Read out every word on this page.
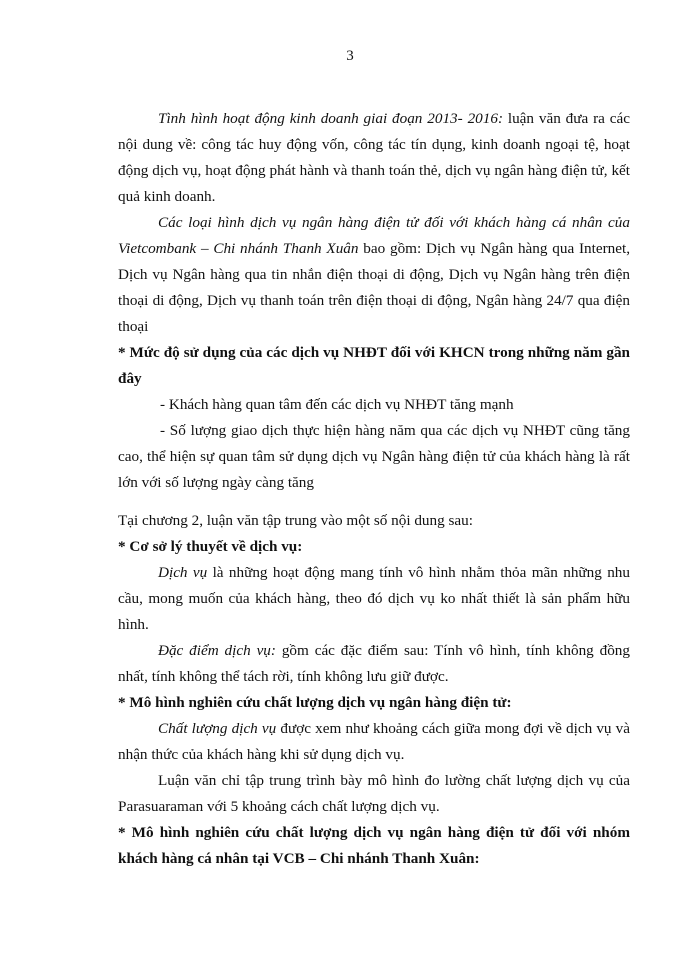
3
Tình hình hoạt động kinh doanh giai đoạn 2013- 2016: luận văn đưa ra các nội dung về: công tác huy động vốn, công tác tín dụng, kinh doanh ngoại tệ, hoạt động dịch vụ, hoạt động phát hành và thanh toán thẻ, dịch vụ ngân hàng điện tử, kết quả kinh doanh.
Các loại hình dịch vụ ngân hàng điện tử đối với khách hàng cá nhân của Vietcombank – Chi nhánh Thanh Xuân bao gồm: Dịch vụ Ngân hàng qua Internet, Dịch vụ Ngân hàng qua tin nhắn điện thoại di động, Dịch vụ Ngân hàng trên điện thoại di động, Dịch vụ thanh toán trên điện thoại di động, Ngân hàng 24/7 qua điện thoại
* Mức độ sử dụng của các dịch vụ NHĐT đối với KHCN trong những năm gần đây
- Khách hàng quan tâm đến các dịch vụ NHĐT tăng mạnh
- Số lượng giao dịch thực hiện hàng năm qua các dịch vụ NHĐT cũng tăng cao, thể hiện sự quan tâm sử dụng dịch vụ Ngân hàng điện tử của khách hàng là rất lớn với số lượng ngày càng tăng
Tại chương 2, luận văn tập trung vào một số nội dung sau:
* Cơ sở lý thuyết về dịch vụ:
Dịch vụ là những hoạt động mang tính vô hình nhằm thỏa mãn những nhu cầu, mong muốn của khách hàng, theo đó dịch vụ ko nhất thiết là sản phẩm hữu hình.
Đặc điểm dịch vụ: gồm các đặc điểm sau: Tính vô hình, tính không đồng nhất, tính không thể tách rời, tính không lưu giữ được.
* Mô hình nghiên cứu chất lượng dịch vụ ngân hàng điện tử:
Chất lượng dịch vụ được xem như khoảng cách giữa mong đợi về dịch vụ và nhận thức của khách hàng khi sử dụng dịch vụ.
Luận văn chỉ tập trung trình bày mô hình đo lường chất lượng dịch vụ của Parasuaraman với 5 khoảng cách chất lượng dịch vụ.
* Mô hình nghiên cứu chất lượng dịch vụ ngân hàng điện tử đối với nhóm khách hàng cá nhân tại VCB – Chi nhánh Thanh Xuân:
